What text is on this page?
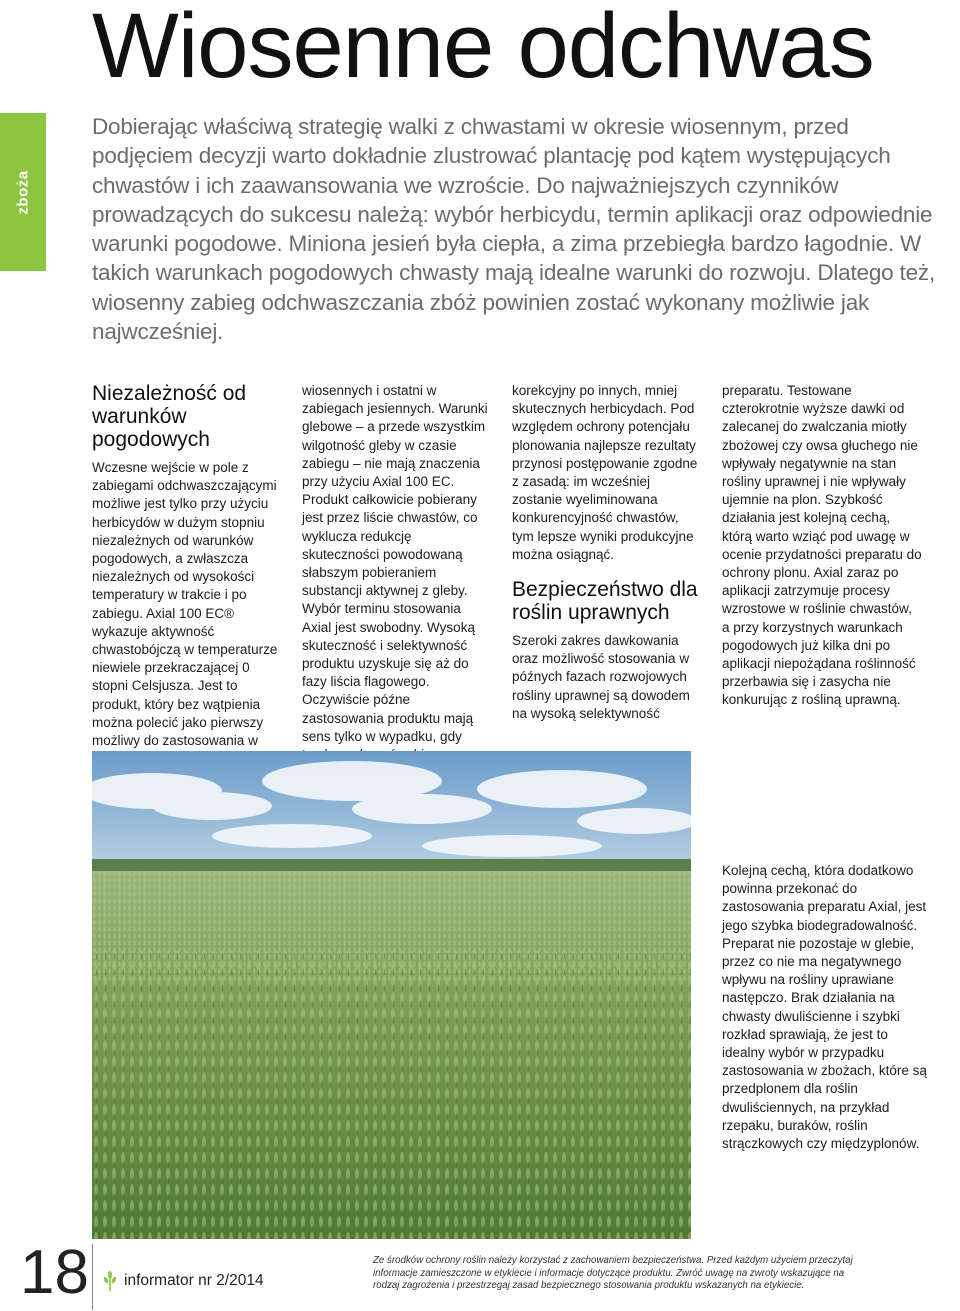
Wiosenne odchwas
zboża

Dobierając właściwą strategię walki z chwastami w okresie wiosennym, przed podjęciem decyzji warto dokładnie zlustrować plantację pod kątem występujących chwastów i ich zaawansowania we wzroście. Do najważniejszych czynników prowadzących do sukcesu należą: wybór herbicydu, termin aplikacji oraz odpowiednie warunki pogodowe. Miniona jesień była ciepła, a zima przebiegła bardzo łagodnie. W takich warunkach pogodowych chwasty mają idealne warunki do rozwoju. Dlatego też, wiosenny zabieg odchwaszczania zbóż powinien zostać wykonany możliwie jak najwcześniej.

Niezależność od warunków pogodowych

Wczesne wejście w pole z zabiegami odchwaszczającymi możliwe jest tylko przy użyciu herbicydów w dużym stopniu niezależnych od warunków pogodowych, a zwłaszcza niezależnych od wysokości temperatury w trakcie i po zabiegu. Axial 100 EC® wykazuje aktywność chwastobójczą w temperaturze niewiele przekraczającej 0 stopni Celsjusza. Jest to produkt, który bez wątpienia można polecić jako pierwszy możliwy do zastosowania w

wiosennych i ostatni w zabiegach jesiennych. Warunki glebowe – a przede wszystkim wilgotność gleby w czasie zabiegu – nie mają znaczenia przy użyciu Axial 100 EC. Produkt całkowicie pobierany jest przez liście chwastów, co wyklucza redukcję skuteczności powodowaną słabszym pobieraniem substancji aktywnej z gleby. Wybór terminu stosowania Axial jest swobodny. Wysoką skuteczność i selektywność produktu uzyskuje się aż do fazy liścia flagowego. Oczywiście późne zastosowania produktu mają sens tylko w wypadku, gdy

korekcyjny po innych, mniej skutecznych herbicydach. Pod względem ochrony potencjału plonowania najlepsze rezultaty przynosi postępowanie zgodne z zasadą: im wcześniej zostanie wyeliminowana konkurencyjność chwastów, tym lepsze wyniki produkcyjne można osiągnąć.

Bezpieczeństwo dla roślin uprawnych

Szeroki zakres dawkowania oraz możliwość stosowania w późnych fazach rozwojowych rośliny uprawnej są dowodem na wysoką selektywność

preparatu. Testowane czterokrotnie wyższe dawki od zalecanej do zwalczania miotły zbożowej czy owsa głuchego nie wpływały negatywnie na stan rośliny uprawnej i nie wpływały ujemnie na plon. Szybkość działania jest kolejną cechą, którą warto wziąć pod uwagę w ocenie przydatności preparatu do ochrony plonu. Axial zaraz po aplikacji zatrzymuje procesy wzrostowe w roślinie chwastów, a przy korzystnych warunkach pogodowych już kilka dni po aplikacji niepożądana roślinność przerbawia się i zasycha nie konkurując z rośliną uprawną.

Kolejną cechą, która dodatkowo powinna przekonać do zastosowania preparatu Axial, jest jego szybka biodegradowalność. Preparat nie pozostaje w glebie, przez co nie ma negatywnego wpływu na rośliny uprawiane następczo. Brak działania na chwasty dwuliścienne i szybki rozkład sprawiają, że jest to idealny wybór w przypadku zastosowania w zbożach, które są przedplonem dla roślin dwuliściennych, na przykład rzepaku, buraków, roślin strączkowych czy międzyplonów.

18 informator nr 2/2014

Ze środków ochrony roślin należy korzystać z zachowaniem bezpieczeństwa. Przed każdym użyciem przeczytaj informacje zamieszczone w etykiecie i informacje dotyczące produktu. Zwróć uwagę na zwroty wskazujące na rodzaj zagrożenia i przestrzegaj zasad bezpiecznego stosowania produktu wskazanych na etykiecie.
